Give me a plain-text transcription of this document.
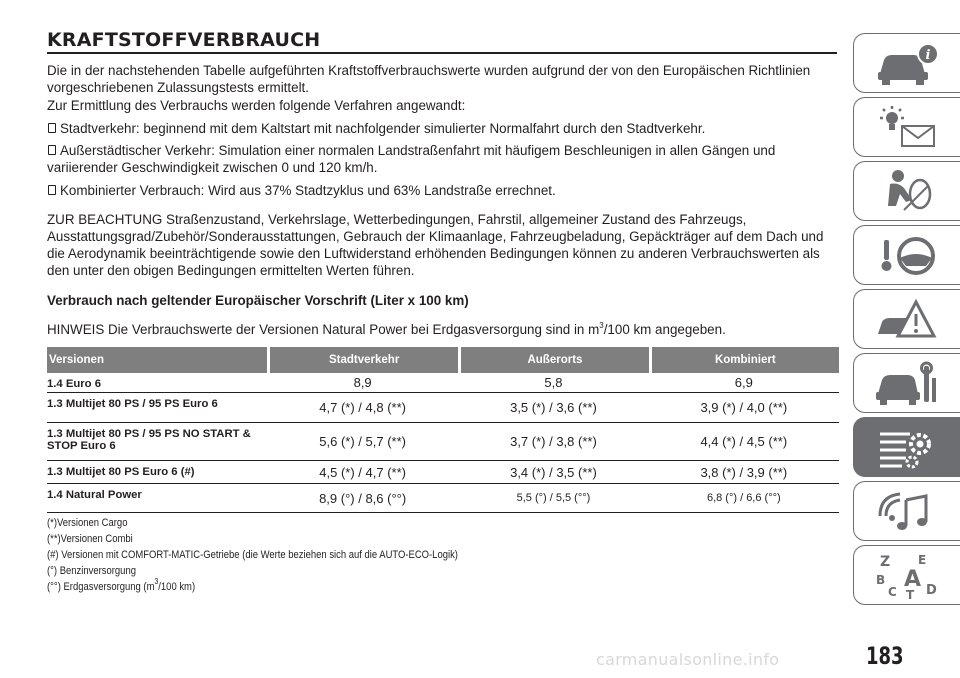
KRAFTSTOFFVERBRAUCH

Die in der nachstehenden Tabelle aufgeführten Kraftstoffverbrauchswerte wurden aufgrund der von den Europäischen Richtlinien vorgeschriebenen Zulassungstests ermittelt.

Zur Ermittlung des Verbrauchs werden folgende Verfahren angewandt:

Stadtverkehr: beginnend mit dem Kaltstart mit nachfolgender simulierter Normalfahrt durch den Stadtverkehr.
Außerstädtischer Verkehr: Simulation einer normalen Landstraßenfahrt mit häufigem Beschleunigen in allen Gängen und variierender Geschwindigkeit zwischen 0 und 120 km/h.
Kombinierter Verbrauch: Wird aus 37% Stadtzyklus und 63% Landstraße errechnet.

ZUR BEACHTUNG Straßenzustand, Verkehrslage, Wetterbedingungen, Fahrstil, allgemeiner Zustand des Fahrzeugs, Ausstattungsgrad/Zubehör/Sonderausstattungen, Gebrauch der Klimaanlage, Fahrzeugbeladung, Gepäckträger auf dem Dach und die Aerodynamik beeinträchtigende sowie den Luftwiderstand erhöhenden Bedingungen können zu anderen Verbrauchswerten als den unter den obigen Bedingungen ermittelten Werten führen.

Verbrauch nach geltender Europäischer Vorschrift (Liter x 100 km)

HINWEIS Die Verbrauchswerte der Versionen Natural Power bei Erdgasversorgung sind in $m^3/100$ km angegeben.

Versionen	Stadtverkehr	Außerorts	Kombiniert
1.4 Euro 6	8,9	5,8	6,9
1.3 Multijet 80 PS / 95 PS Euro 6	4,7 (*) / 4,8 (**)	3,5 (*) / 3,6 (**)	3,9 (*) / 4,0 (**)
1.3 Multijet 80 PS / 95 PS NO START & STOP Euro 6	5,6 (*) / 5,7 (**)	3,7 (*) / 3,8 (**)	4,4 (*) / 4,5 (**)
1.3 Multijet 80 PS Euro 6 (#)	4,5 (*) / 4,7 (**)	3,4 (*) / 3,5 (**)	3,8 (*) / 3,9 (**)
1.4 Natural Power	8,9 (°) / 8,6 (°°)	5,5 (°) / 5,5 (°°)	6,8 (°) / 6,6 (°°)
(*)Versionen Cargo
(**)Versionen Combi
(#) Versionen mit COMFORT-MATIC-Getriebe (die Werte beziehen sich auf die AUTO-ECO-Logik)
(°) Benzinversorgung
(°°) Erdgasversorgung ($m^3/100$ km)
i
Z E
B A
C T D
183
carmanualsonline.info
